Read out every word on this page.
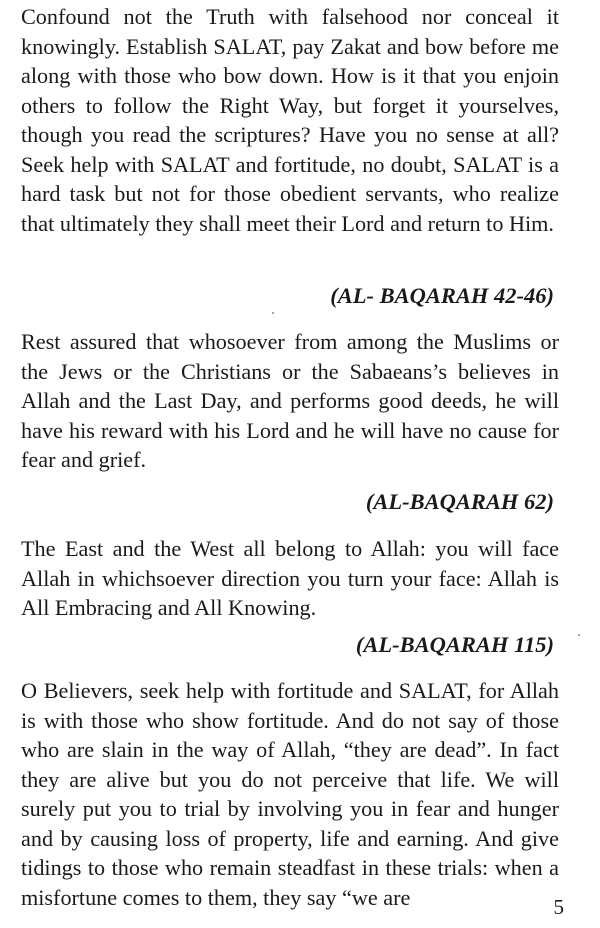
Confound not the Truth with falsehood nor conceal it knowingly. Establish SALAT, pay Zakat and bow before me along with those who bow down. How is it that you enjoin others to follow the Right Way, but forget it yourselves, though you read the scriptures? Have you no sense at all? Seek help with SALAT and fortitude, no doubt, SALAT is a hard task but not for those obedient servants, who realize that ultimately they shall meet their Lord and return to Him.

(AL- BAQARAH 42-46)

Rest assured that whosoever from among the Muslims or the Jews or the Christians or the Sabaeans’s believes in Allah and the Last Day, and performs good deeds, he will have his reward with his Lord and he will have no cause for fear and grief.

(AL-BAQARAH 62)

The East and the West all belong to Allah: you will face Allah in whichsoever direction you turn your face: Allah is All Embracing and All Knowing.

(AL-BAQARAH 115)

O Believers, seek help with fortitude and SALAT, for Allah is with those who show fortitude. And do not say of those who are slain in the way of Allah, “they are dead”. In fact they are alive but you do not perceive that life. We will surely put you to trial by involving you in fear and hunger and by causing loss of property, life and earning. And give tidings to those who remain steadfast in these trials: when a misfortune comes to them, they say “we are	5
